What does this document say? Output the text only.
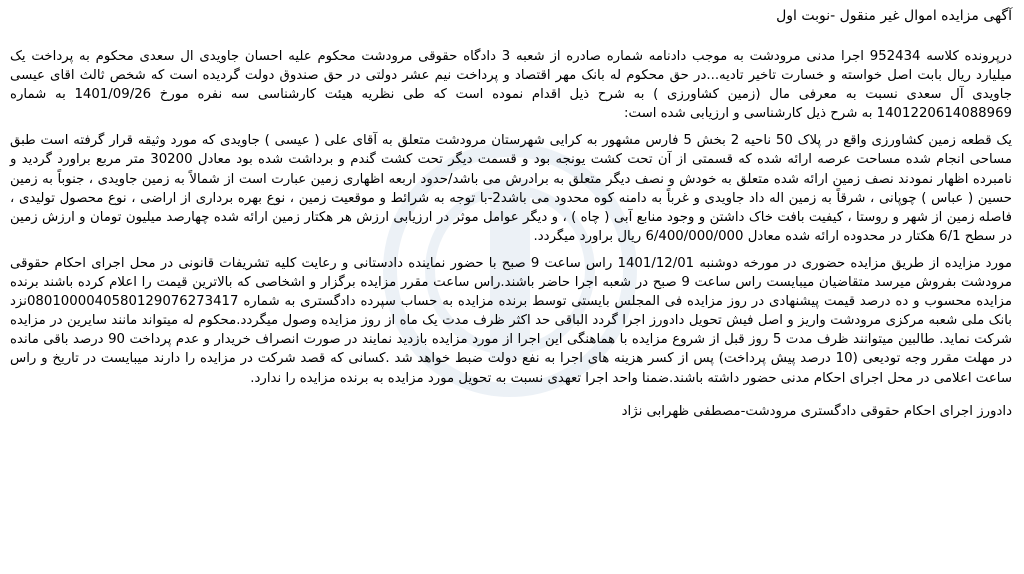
آگهی مزایده اموال غیر منقول -نوبت اول

درپرونده کلاسه 952434 اجرا مدنی مرودشت به موجب دادنامه شماره صادره از شعبه 3 دادگاه حقوقی مرودشت محکوم علیه احسان جاویدی ال سعدی محکوم به پرداخت یک میلیارد ریال بابت اصل خواسته و خسارت تاخیر تادیه...در حق محکوم له بانک مهر اقتصاد و پرداخت نیم عشر دولتی در حق صندوق دولت گردیده است که شخص ثالث اقای عیسی جاویدی آل سعدی نسبت به معرفی مال (زمین کشاورزی ) به شرح ذیل اقدام نموده است که طی نظریه هیئت کارشناسی سه نفره مورخ 1401/09/26 به شماره 1401220614088969 به شرح ذیل کارشناسی و ارزیابی شده است:

یک قطعه زمین کشاورزی واقع در پلاک 50 ناحیه 2 بخش 5 فارس مشهور به کرایی شهرستان مرودشت متعلق به آقای علی ( عیسی ) جاویدی که مورد وثیقه قرار گرفته است طبق مساحی انجام شده مساحت عرصه ارائه شده که قسمتی از آن تحت کشت یونجه بود و قسمت دیگر تحت کشت گندم و برداشت شده بود معادل 30200 متر مربع براورد گردید و نامبرده اظهار نمودند نصف زمین ارائه شده متعلق به خودش و نصف دیگر متعلق به برادرش می باشد/حدود اربعه اظهاری زمین عبارت است از شمالاً به زمین جاویدی ، جنوباً به زمین حسین ( عباس ) چوپانی ، شرقاً به زمین اله داد جاویدی و غرباً به دامنه کوه محدود می باشد2-با توجه به شرائط و موقعیت زمین ، نوع بهره برداری از اراضی ، نوع محصول تولیدی ، فاصله زمین از شهر و روستا ، کیفیت بافت خاک داشتن و وجود منابع آبی ( چاه ) ، و دیگر عوامل موثر در ارزیابی ارزش هر هکتار زمین ارائه شده چهارصد میلیون تومان و ارزش زمین در سطح 6/1 هکتار در محدوده ارائه شده معادل 6/400/000/000 ریال براورد میگردد.

مورد مزایده از طریق مزایده حضوری در مورخه دوشنبه 1401/12/01 راس ساعت 9 صبح با حضور نماینده دادستانی و رعایت کلیه تشریفات قانونی در محل اجرای احکام حقوقی مرودشت بفروش میرسد متقاضیان میبایست راس ساعت 9 صبح در شعبه اجرا حاضر باشند.راس ساعت مقرر مزایده برگزار و اشخاصی که بالاترین قیمت را اعلام کرده باشند برنده مزایده محسوب و ده درصد قیمت پیشنهادی در روز مزایده فی المجلس بایستی توسط برنده مزایده به حساب سپرده دادگستری به شماره 0801000040580129076273417نزد بانک ملی شعبه مرکزی مرودشت واریز و اصل فیش تحویل دادورز اجرا گردد الباقی حد اکثر ظرف مدت یک ماه از روز مزایده وصول میگردد.محکوم له میتواند مانند سایرین در مزایده شرکت نماید. طالبین میتوانند ظرف مدت 5 روز قبل از شروع مزایده با هماهنگی این اجرا از مورد مزایده بازدید نمایند در صورت انصراف خریدار و عدم پرداخت 90 درصد باقی مانده در مهلت مقرر وجه تودیعی (10 درصد پیش پرداخت) پس از کسر هزینه های اجرا به نفع دولت ضبط خواهد شد .کسانی که قصد شرکت در مزایده را دارند میبایست در تاریخ و راس ساعت اعلامی در محل اجرای احکام مدنی حضور داشته باشند.ضمنا واحد اجرا تعهدی نسبت به تحویل مورد مزایده به برنده مزایده را ندارد.

دادورز اجرای احکام حقوقی دادگستری مرودشت-مصطفی ظهرابی نژاد
